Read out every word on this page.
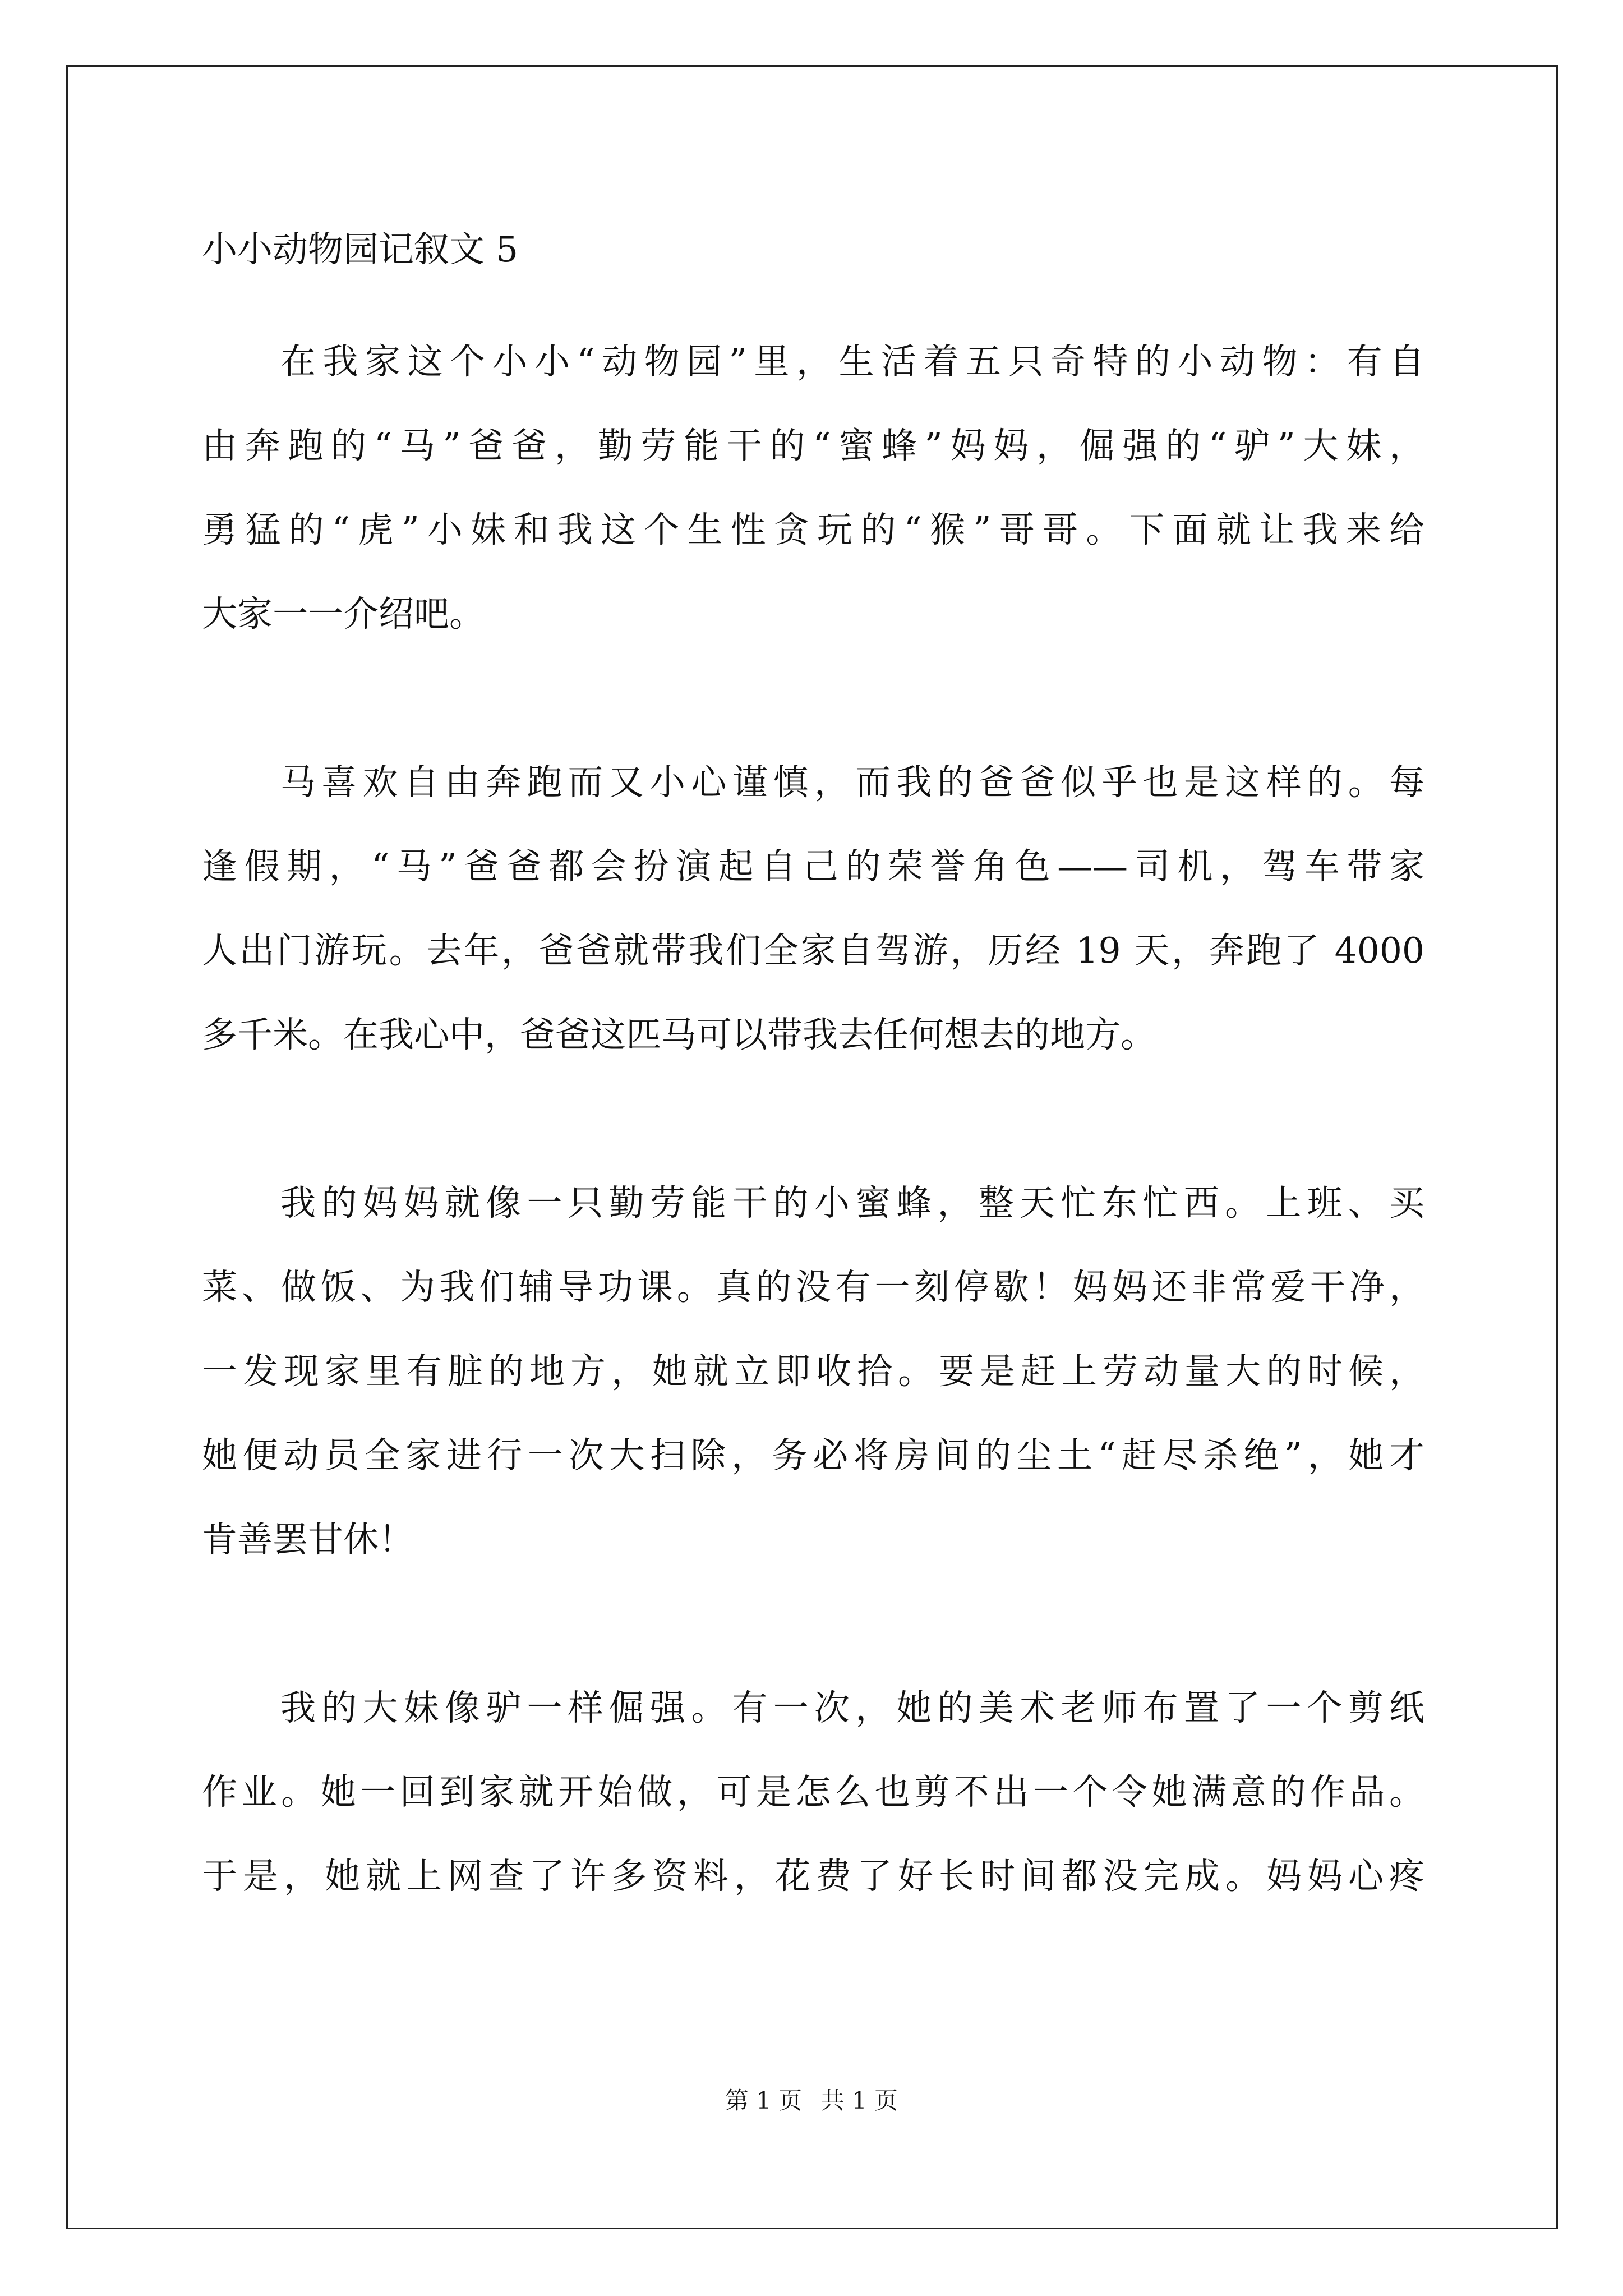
小小动物园记叙文 5
在我家这个小小“动物园”里，生活着五只奇特的小动物：有自
由奔跑的“马”爸爸，勤劳能干的“蜜蜂”妈妈，倔强的“驴”大妹，
勇猛的“虎”小妹和我这个生性贪玩的“猴”哥哥。下面就让我来给
大家一一介绍吧。
马喜欢自由奔跑而又小心谨慎，而我的爸爸似乎也是这样的。每
逢假期，“马”爸爸都会扮演起自己的荣誉角色——司机，驾车带家
人出门游玩。去年，爸爸就带我们全家自驾游，历经 19 天，奔跑了 4000
多千米。在我心中，爸爸这匹马可以带我去任何想去的地方。
我的妈妈就像一只勤劳能干的小蜜蜂，整天忙东忙西。上班、买
菜、做饭、为我们辅导功课。真的没有一刻停歇！妈妈还非常爱干净，
一发现家里有脏的地方，她就立即收拾。要是赶上劳动量大的时候，
她便动员全家进行一次大扫除，务必将房间的尘土“赶尽杀绝”，她才
肯善罢甘休！
我的大妹像驴一样倔强。有一次，她的美术老师布置了一个剪纸
作业。她一回到家就开始做，可是怎么也剪不出一个令她满意的作品。
于是，她就上网查了许多资料，花费了好长时间都没完成。妈妈心疼
第 1 页 共 1 页
